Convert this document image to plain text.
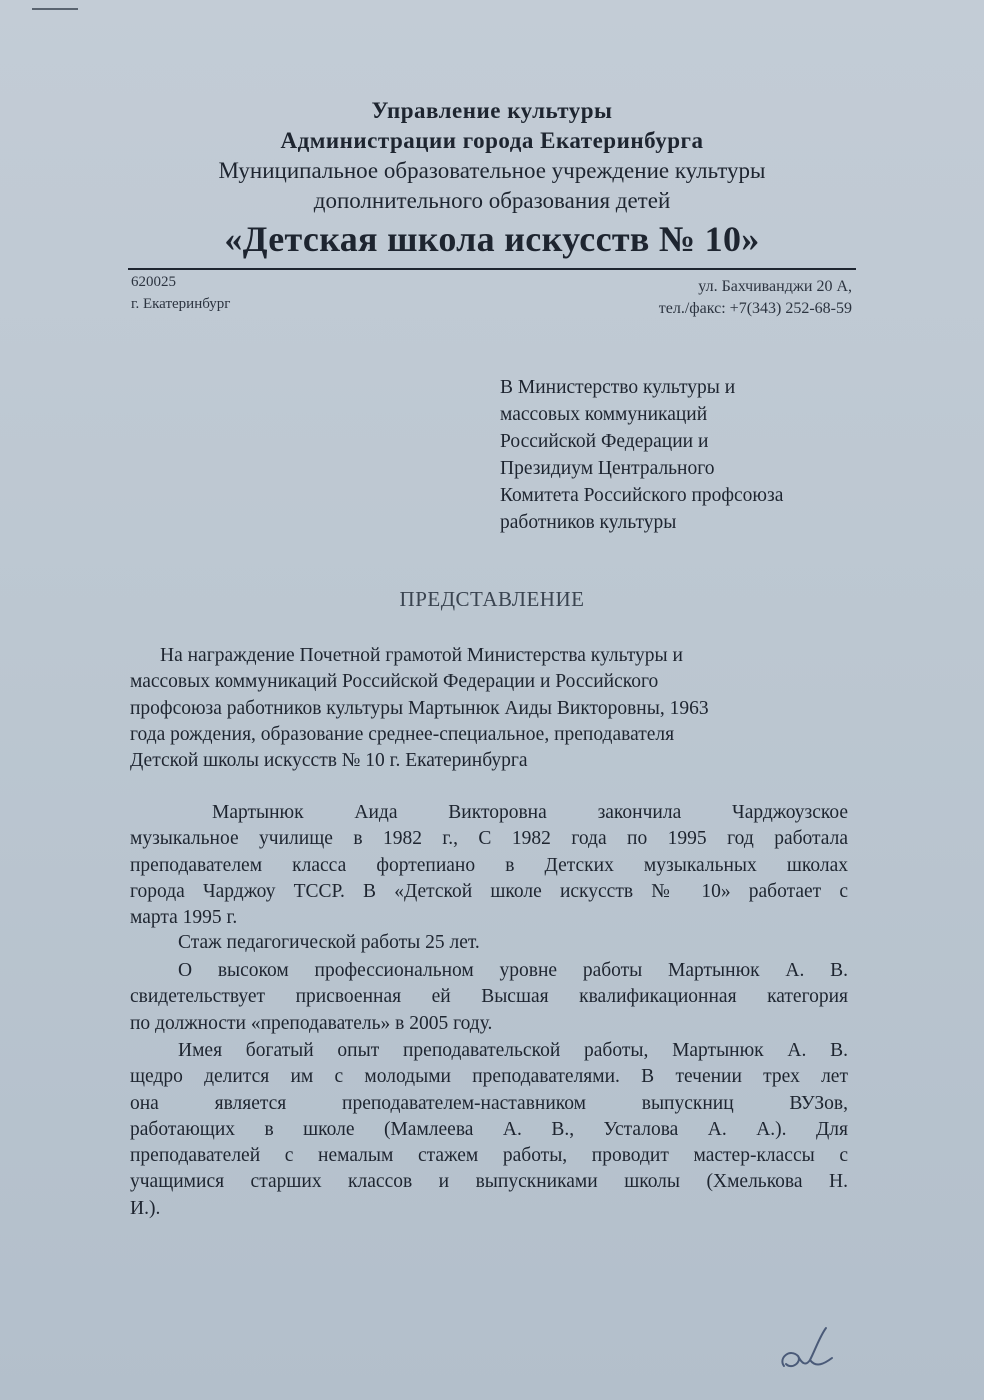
Управление культуры
Администрации города Екатеринбурга
Муниципальное образовательное учреждение культуры
дополнительного образования детей
«Детская школа искусств № 10»
620025
г. Екатеринбург
ул. Бахчиванджи 20 А,
тел./факс: +7(343) 252-68-59
В Министерство культуры и
массовых коммуникаций
Российской Федерации и
Президиум Центрального
Комитета Российского профсоюза
работников культуры
ПРЕДСТАВЛЕНИЕ
На награждение Почетной грамотой Министерства культуры и
массовых коммуникаций Российской Федерации и Российского
профсоюза работников культуры Мартынюк Аиды Викторовны, 1963
года рождения, образование среднее-специальное, преподавателя
Детской школы искусств № 10 г. Екатеринбурга
Мартынюк Аида Викторовна закончила Чарджоузское
музыкальное училище в 1982 г., С 1982 года по 1995 год работала
преподавателем класса фортепиано в Детских музыкальных школах
города Чарджоу ТССР. В «Детской школе искусств № 10» работает с
марта 1995 г.
Стаж педагогической работы 25 лет.
О высоком профессиональном уровне работы Мартынюк А. В.
свидетельствует присвоенная ей Высшая квалификационная категория
по должности «преподаватель» в 2005 году.
Имея богатый опыт преподавательской работы, Мартынюк А. В.
щедро делится им с молодыми преподавателями. В течении трех лет
она является преподавателем-наставником выпускниц ВУЗов,
работающих в школе (Мамлеева А. В., Усталова А. А.). Для
преподавателей с немалым стажем работы, проводит мастер-классы с
учащимися старших классов и выпускниками школы (Хмелькова Н.
И.).
